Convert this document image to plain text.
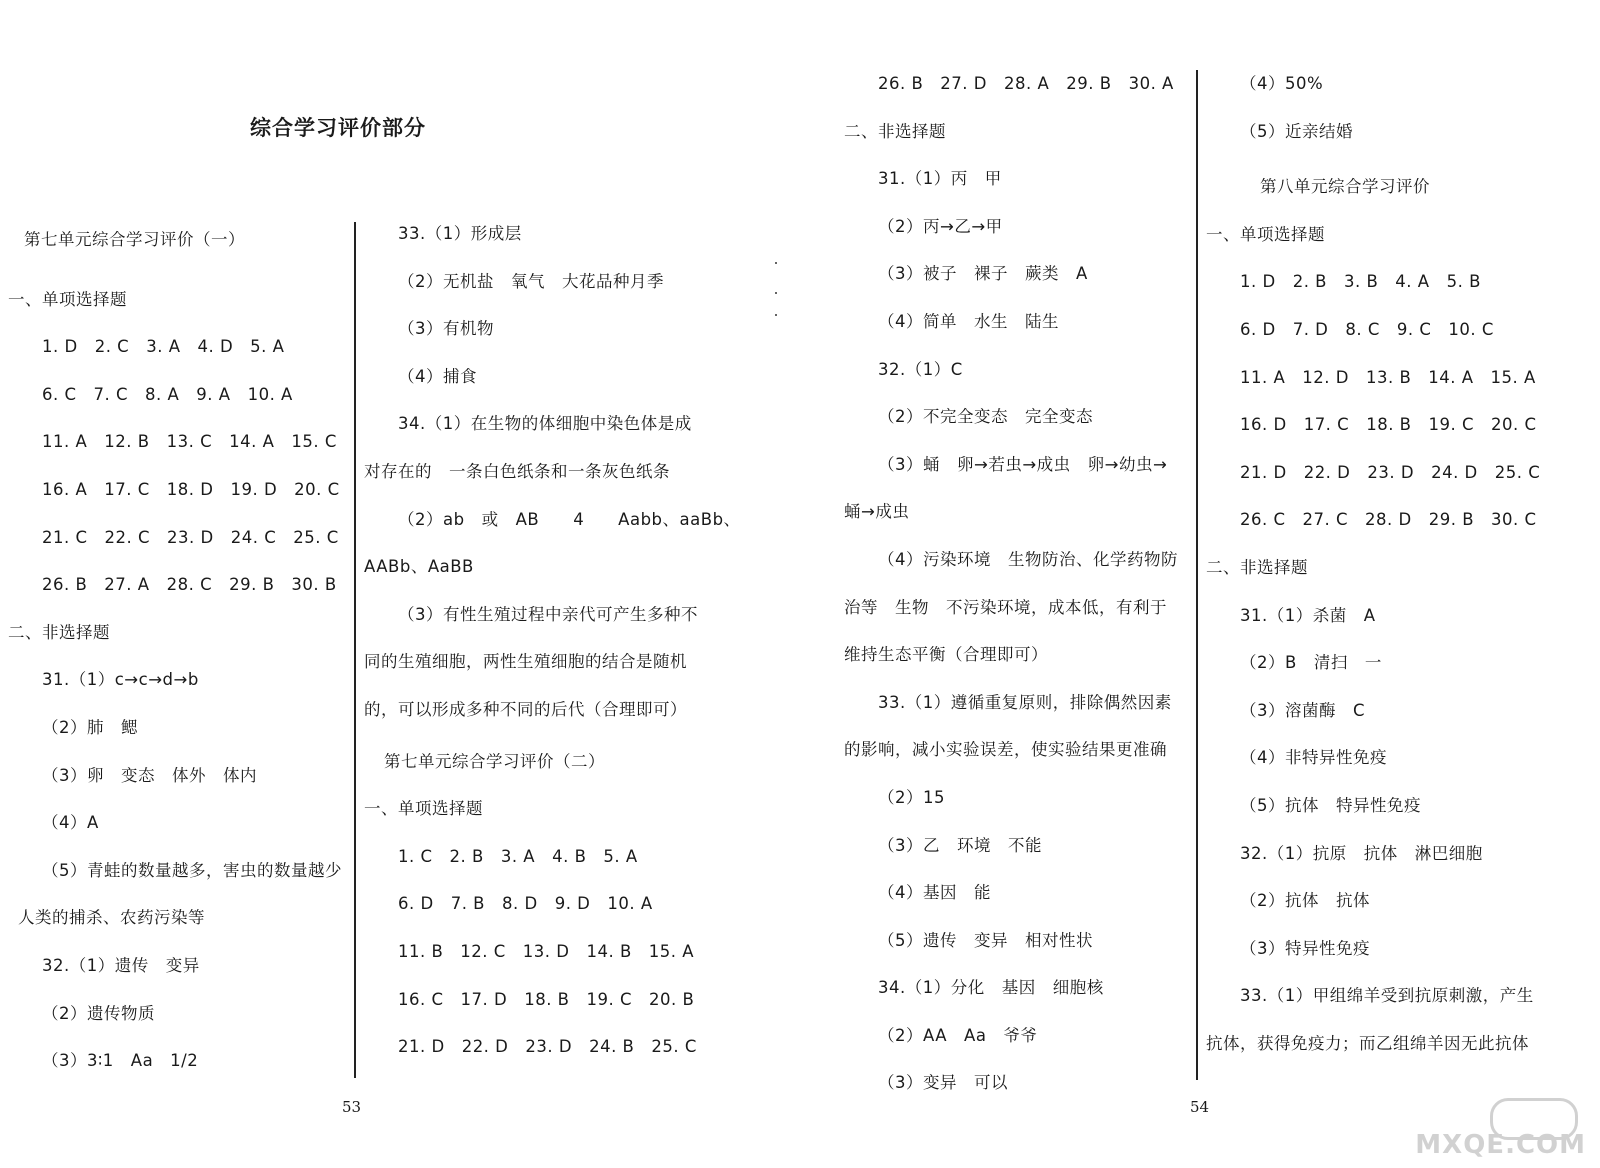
综合学习评价部分
第七单元综合学习评价（一）
一、单项选择题
1. D　2. C　3. A　4. D　5. A
6. C　7. C　8. A　9. A　10. A
11. A　12. B　13. C　14. A　15. C
16. A　17. C　18. D　19. D　20. C
21. C　22. C　23. D　24. C　25. C
26. B　27. A　28. C　29. B　30. B
二、非选择题
31.（1）c→c→d→b
（2）肺　鳃
（3）卵　变态　体外　体内
（4）A
（5）青蛙的数量越多，害虫的数量越少
人类的捕杀、农药污染等
32.（1）遗传　变异
（2）遗传物质
（3）3∶1　Aa　1/2
33.（1）形成层
（2）无机盐　氧气　大花品种月季
（3）有机物
（4）捕食
34.（1）在生物的体细胞中染色体是成
对存在的　一条白色纸条和一条灰色纸条
（2）ab　或　AB　　4　　Aabb、aaBb、
AABb、AaBB
（3）有性生殖过程中亲代可产生多种不
同的生殖细胞，两性生殖细胞的结合是随机
的，可以形成多种不同的后代（合理即可）
第七单元综合学习评价（二）
一、单项选择题
1. C　2. B　3. A　4. B　5. A
6. D　7. B　8. D　9. D　10. A
11. B　12. C　13. D　14. B　15. A
16. C　17. D　18. B　19. C　20. B
21. D　22. D　23. D　24. B　25. C
53
26. B　27. D　28. A　29. B　30. A
二、非选择题
31.（1）丙　甲
（2）丙→乙→甲
（3）被子　裸子　蕨类　A
（4）简单　水生　陆生
32.（1）C
（2）不完全变态　完全变态
（3）蛹　卵→若虫→成虫　卵→幼虫→
蛹→成虫
（4）污染环境　生物防治、化学药物防
治等　生物　不污染环境，成本低，有利于
维持生态平衡（合理即可）
33.（1）遵循重复原则，排除偶然因素
的影响，减小实验误差，使实验结果更准确
（2）15
（3）乙　环境　不能
（4）基因　能
（5）遗传　变异　相对性状
34.（1）分化　基因　细胞核
（2）AA　Aa　爷爷
（3）变异　可以
（4）50%
（5）近亲结婚
第八单元综合学习评价
一、单项选择题
1. D　2. B　3. B　4. A　5. B
6. D　7. D　8. C　9. C　10. C
11. A　12. D　13. B　14. A　15. A
16. D　17. C　18. B　19. C　20. C
21. D　22. D　23. D　24. D　25. C
26. C　27. C　28. D　29. B　30. C
二、非选择题
31.（1）杀菌　A
（2）B　清扫　一
（3）溶菌酶　C
（4）非特异性免疫
（5）抗体　特异性免疫
32.（1）抗原　抗体　淋巴细胞
（2）抗体　抗体
（3）特异性免疫
33.（1）甲组绵羊受到抗原刺激，产生
抗体，获得免疫力；而乙组绵羊因无此抗体
54
MXQE.COM
